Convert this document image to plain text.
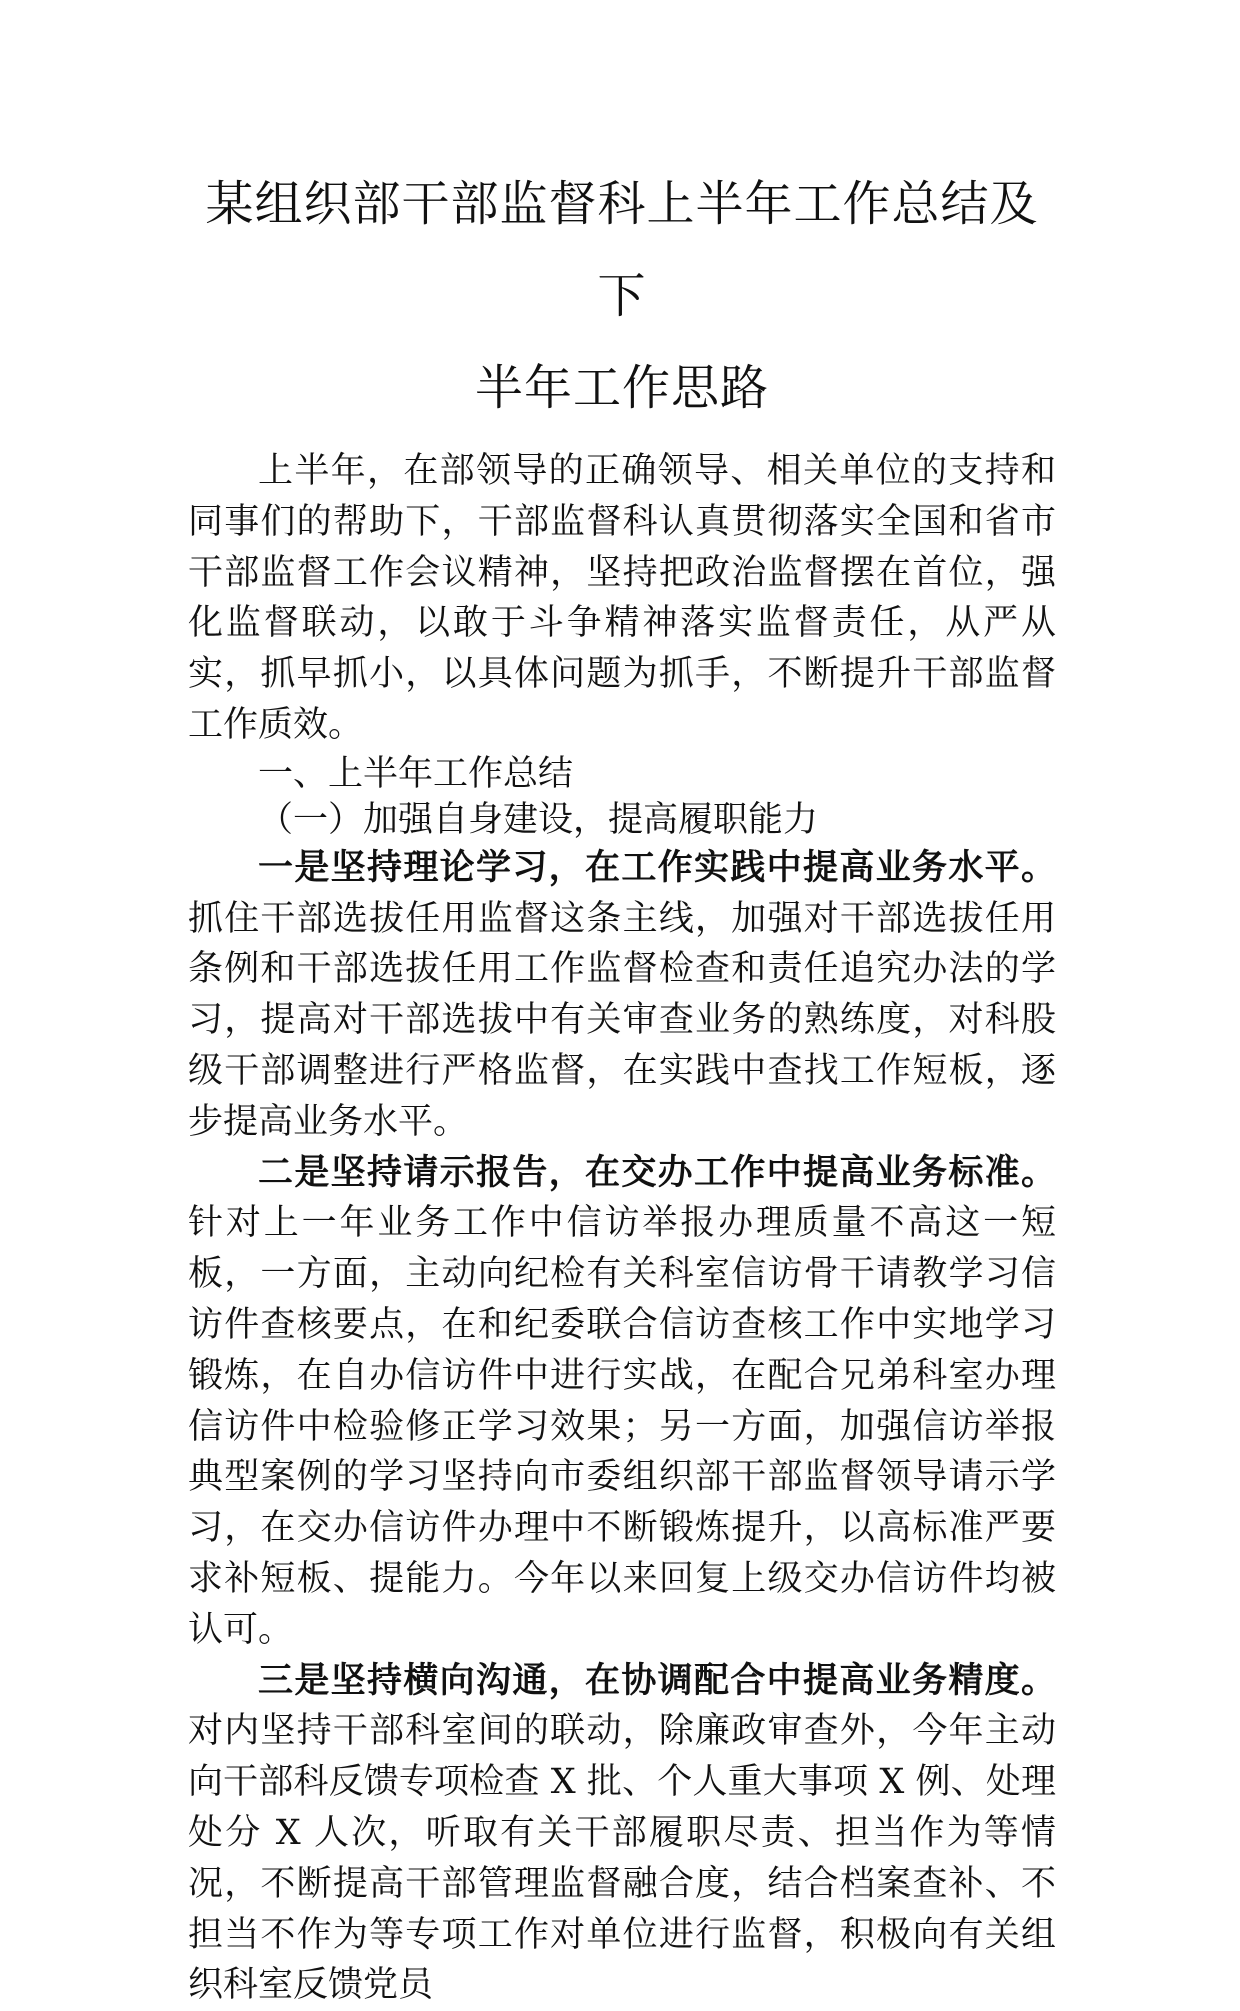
某组织部干部监督科上半年工作总结及下
半年工作思路

上半年，在部领导的正确领导、相关单位的支持和同事们的帮助下，干部监督科认真贯彻落实全国和省市干部监督工作会议精神，坚持把政治监督摆在首位，强化监督联动，以敢于斗争精神落实监督责任，从严从实，抓早抓小，以具体问题为抓手，不断提升干部监督工作质效。

一、上半年工作总结

（一）加强自身建设，提高履职能力

一是坚持理论学习，在工作实践中提高业务水平。抓住干部选拔任用监督这条主线，加强对干部选拔任用条例和干部选拔任用工作监督检查和责任追究办法的学习，提高对干部选拔中有关审查业务的熟练度，对科股级干部调整进行严格监督，在实践中查找工作短板，逐步提高业务水平。

二是坚持请示报告，在交办工作中提高业务标准。针对上一年业务工作中信访举报办理质量不高这一短板，一方面，主动向纪检有关科室信访骨干请教学习信访件查核要点，在和纪委联合信访查核工作中实地学习锻炼，在自办信访件中进行实战，在配合兄弟科室办理信访件中检验修正学习效果；另一方面，加强信访举报典型案例的学习坚持向市委组织部干部监督领导请示学习，在交办信访件办理中不断锻炼提升，以高标准严要求补短板、提能力。今年以来回复上级交办信访件均被认可。

三是坚持横向沟通，在协调配合中提高业务精度。对内坚持干部科室间的联动，除廉政审查外，今年主动向干部科反馈专项检查 X 批、个人重大事项 X 例、处理处分 X 人次，听取有关干部履职尽责、担当作为等情况，不断提高干部管理监督融合度，结合档案查补、不担当不作为等专项工作对单位进行监督，积极向有关组织科室反馈党员
